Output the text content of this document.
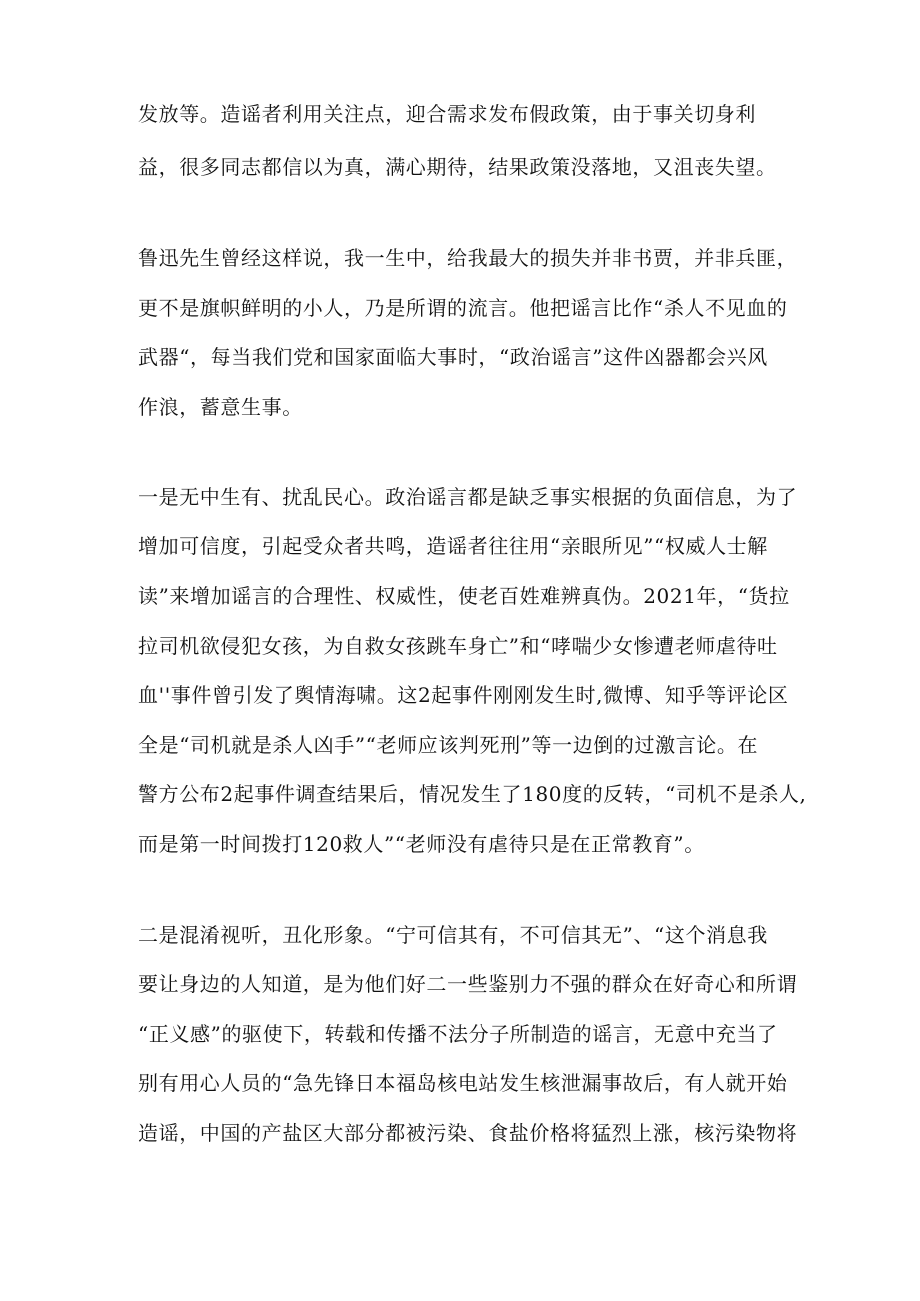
发放等。造谣者利用关注点，迎合需求发布假政策，由于事关切身利
益，很多同志都信以为真，满心期待，结果政策没落地，又沮丧失望。
鲁迅先生曾经这样说，我一生中，给我最大的损失并非书贾，并非兵匪，
更不是旗帜鲜明的小人，乃是所谓的流言。他把谣言比作“杀人不见血的
武器“，每当我们党和国家面临大事时，“政治谣言”这件凶器都会兴风
作浪，蓄意生事。
一是无中生有、扰乱民心。政治谣言都是缺乏事实根据的负面信息，为了
增加可信度，引起受众者共鸣，造谣者往往用“亲眼所见”“权威人士解
读”来增加谣言的合理性、权威性，使老百姓难辨真伪。2021年，“货拉
拉司机欲侵犯女孩，为自救女孩跳车身亡”和“哮喘少女惨遭老师虐待吐
血''事件曾引发了舆情海啸。这2起事件刚刚发生时,微博、知乎等评论区
全是“司机就是杀人凶手”“老师应该判死刑”等一边倒的过激言论。在
警方公布2起事件调查结果后，情况发生了180度的反转，“司机不是杀人,
而是第一时间拨打120救人”“老师没有虐待只是在正常教育”。
二是混淆视听，丑化形象。“宁可信其有，不可信其无”、“这个消息我
要让身边的人知道，是为他们好二一些鉴别力不强的群众在好奇心和所谓
“正义感”的驱使下，转载和传播不法分子所制造的谣言，无意中充当了
别有用心人员的“急先锋日本福岛核电站发生核泄漏事故后，有人就开始
造谣，中国的产盐区大部分都被污染、食盐价格将猛烈上涨，核污染物将
